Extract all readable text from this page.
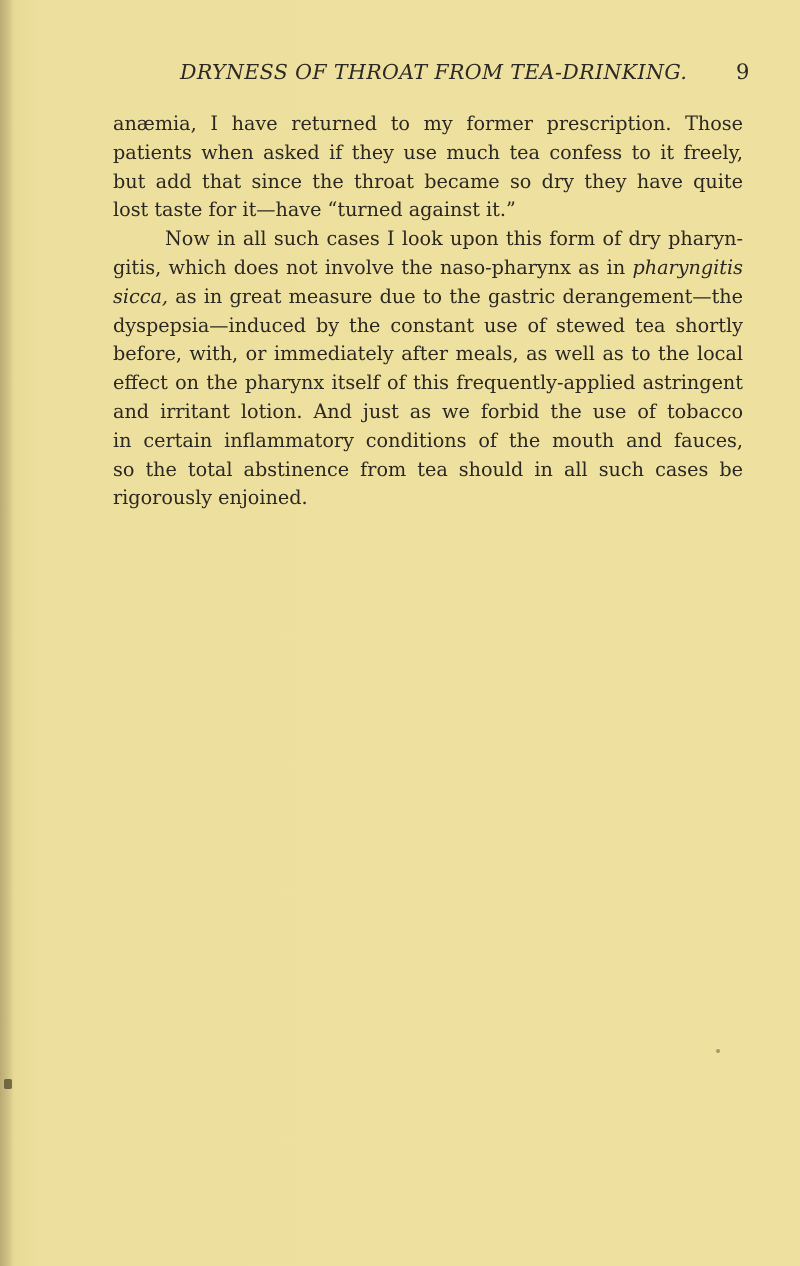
DRYNESS OF THROAT FROM TEA-DRINKING. 9
anæmia, I have returned to my former prescription. Those
patients when asked if they use much tea confess to it freely,
but add that since the throat became so dry they have quite
lost taste for it—have “turned against it.”
Now in all such cases I look upon this form of dry pharyn-
gitis, which does not involve the naso-pharynx as in pharyngitis
sicca, as in great measure due to the gastric derangement—the
dyspepsia—induced by the constant use of stewed tea shortly
before, with, or immediately after meals, as well as to the local
effect on the pharynx itself of this frequently-applied astringent
and irritant lotion. And just as we forbid the use of tobacco
in certain inflammatory conditions of the mouth and fauces,
so the total abstinence from tea should in all such cases be
rigorously enjoined.
